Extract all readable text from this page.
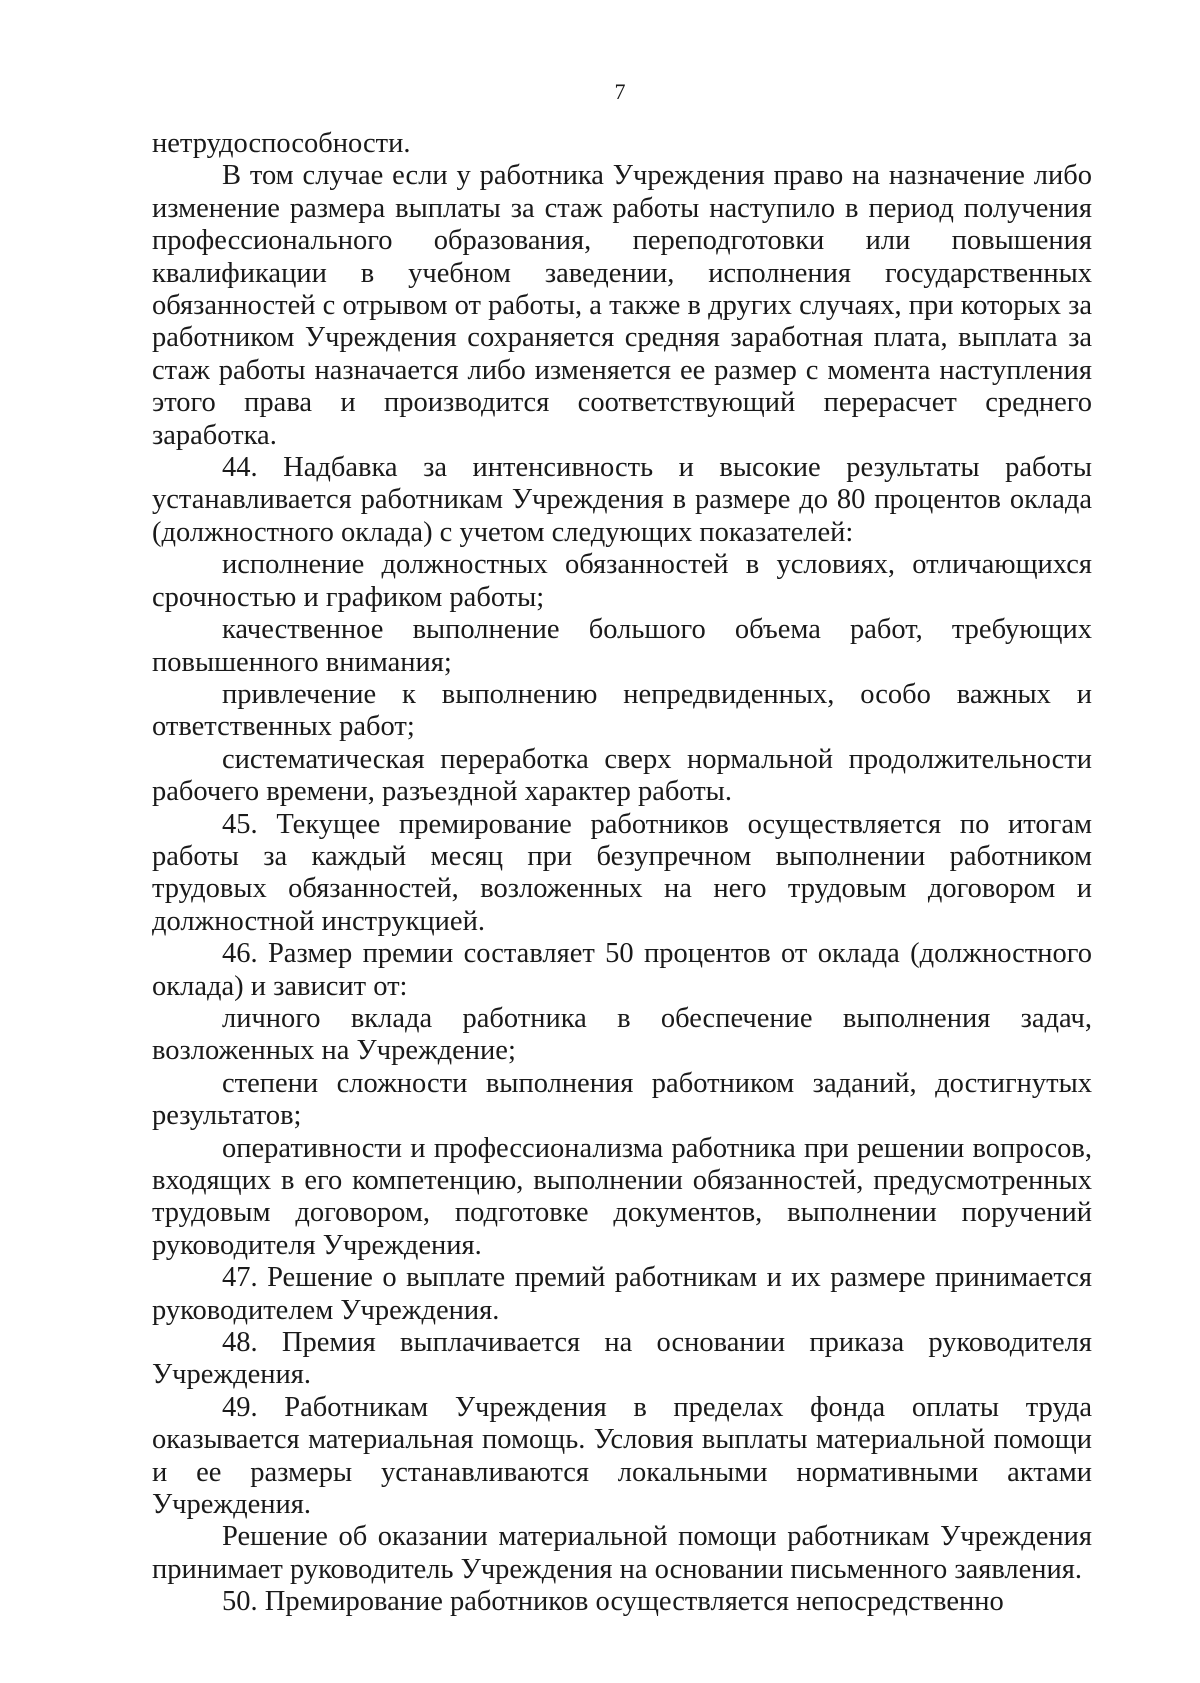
7

нетрудоспособности.

В том случае если у работника Учреждения право на назначение либо изменение размера выплаты за стаж работы наступило в период получения профессионального образования, переподготовки или повышения квалификации в учебном заведении, исполнения государственных обязанностей с отрывом от работы, а также в других случаях, при которых за работником Учреждения сохраняется средняя заработная плата, выплата за стаж работы назначается либо изменяется ее размер с момента наступления этого права и производится соответствующий перерасчет среднего заработка.

44. Надбавка за интенсивность и высокие результаты работы устанавливается работникам Учреждения в размере до 80 процентов оклада (должностного оклада) с учетом следующих показателей:

исполнение должностных обязанностей в условиях, отличающихся срочностью и графиком работы;

качественное выполнение большого объема работ, требующих повышенного внимания;

привлечение к выполнению непредвиденных, особо важных и ответственных работ;

систематическая переработка сверх нормальной продолжительности рабочего времени, разъездной характер работы.

45. Текущее премирование работников осуществляется по итогам работы за каждый месяц при безупречном выполнении работником трудовых обязанностей, возложенных на него трудовым договором и должностной инструкцией.

46. Размер премии составляет 50 процентов от оклада (должностного оклада) и зависит от:

личного вклада работника в обеспечение выполнения задач, возложенных на Учреждение;

степени сложности выполнения работником заданий, достигнутых результатов;

оперативности и профессионализма работника при решении вопросов, входящих в его компетенцию, выполнении обязанностей, предусмотренных трудовым договором, подготовке документов, выполнении поручений руководителя Учреждения.

47. Решение о выплате премий работникам и их размере принимается руководителем Учреждения.

48. Премия выплачивается на основании приказа руководителя Учреждения.

49. Работникам Учреждения в пределах фонда оплаты труда оказывается материальная помощь. Условия выплаты материальной помощи и ее размеры устанавливаются локальными нормативными актами Учреждения.

Решение об оказании материальной помощи работникам Учреждения принимает руководитель Учреждения на основании письменного заявления.

50. Премирование работников осуществляется непосредственно
